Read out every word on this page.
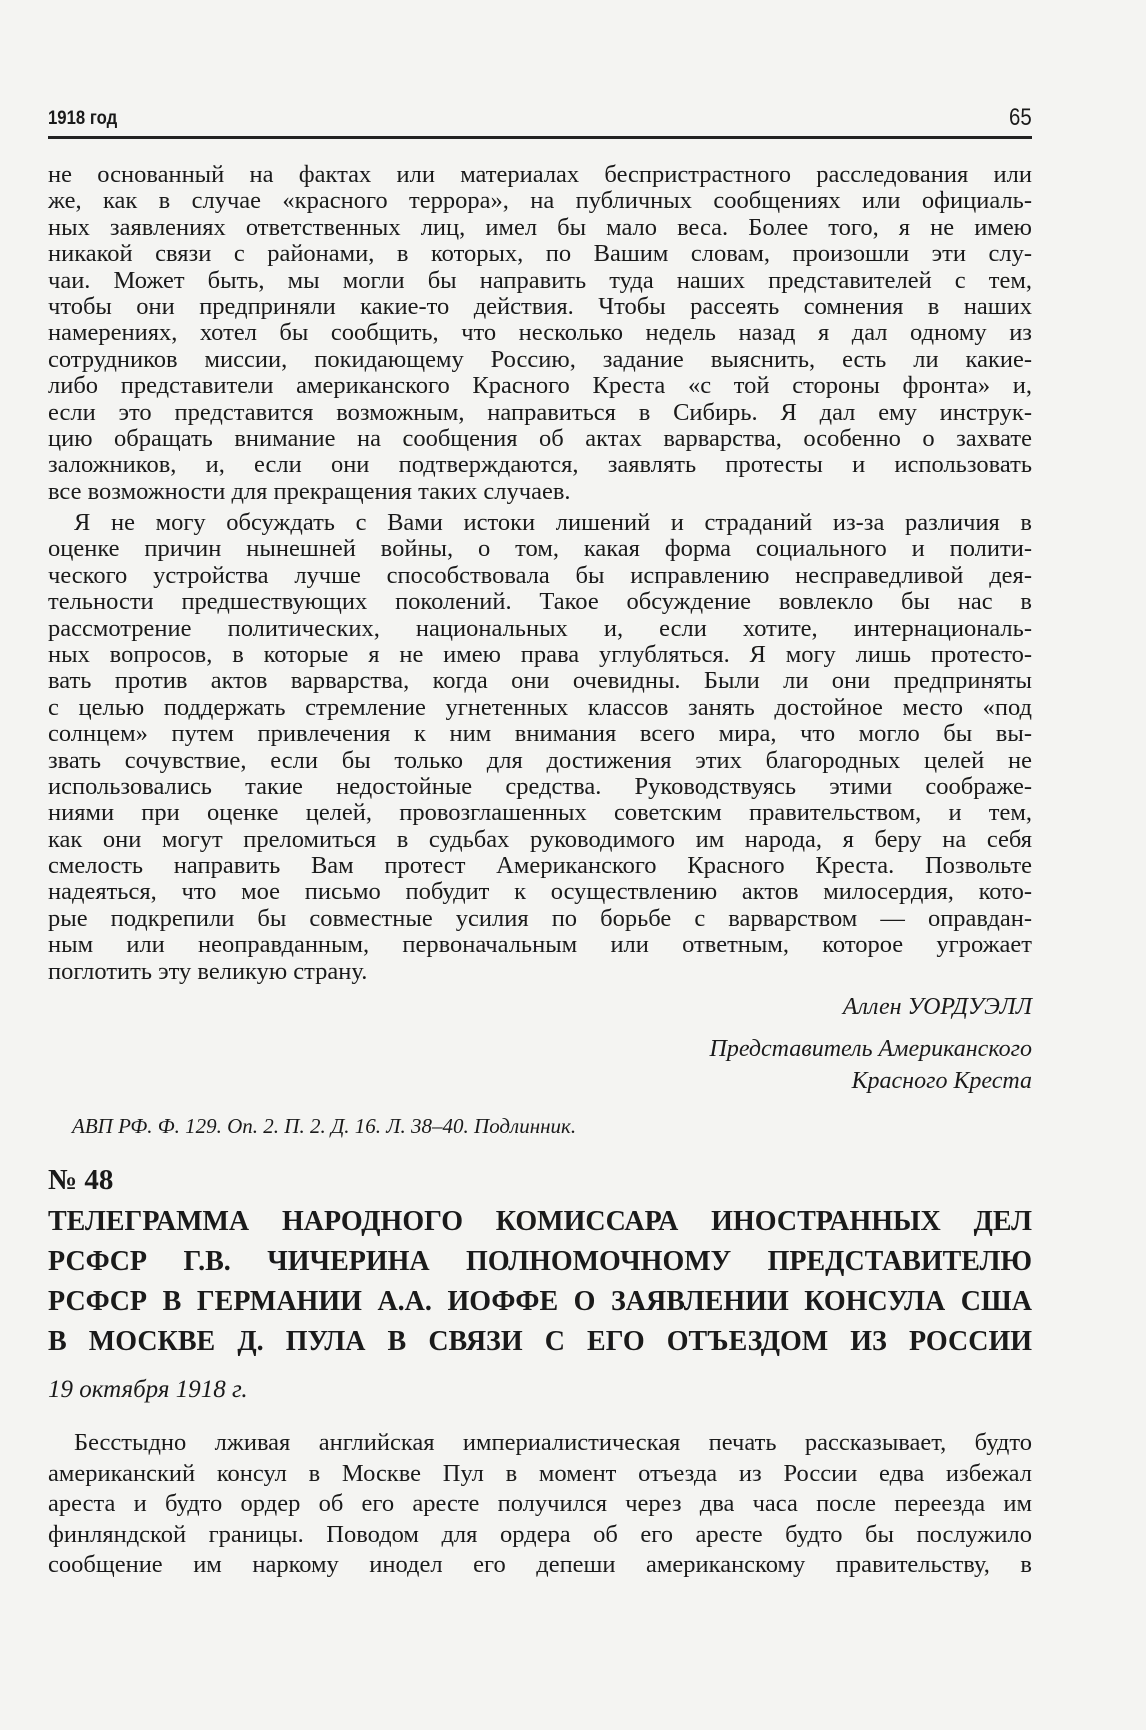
1918 год	65
не основанный на фактах или материалах беспристрастного расследования или
же, как в случае «красного террора», на публичных сообщениях или официаль-
ных заявлениях ответственных лиц, имел бы мало веса. Более того, я не имею
никакой связи с районами, в которых, по Вашим словам, произошли эти слу-
чаи. Может быть, мы могли бы направить туда наших представителей с тем,
чтобы они предприняли какие-то действия. Чтобы рассеять сомнения в наших
намерениях, хотел бы сообщить, что несколько недель назад я дал одному из
сотрудников миссии, покидающему Россию, задание выяснить, есть ли какие-
либо представители американского Красного Креста «с той стороны фронта» и,
если это представится возможным, направиться в Сибирь. Я дал ему инструк-
цию обращать внимание на сообщения об актах варварства, особенно о захвате
заложников, и, если они подтверждаются, заявлять протесты и использовать
все возможности для прекращения таких случаев.
Я не могу обсуждать с Вами истоки лишений и страданий из-за различия в
оценке причин нынешней войны, о том, какая форма социального и полити-
ческого устройства лучше способствовала бы исправлению несправедливой дея-
тельности предшествующих поколений. Такое обсуждение вовлекло бы нас в
рассмотрение политических, национальных и, если хотите, интернациональ-
ных вопросов, в которые я не имею права углубляться. Я могу лишь протесто-
вать против актов варварства, когда они очевидны. Были ли они предприняты
с целью поддержать стремление угнетенных классов занять достойное место «под
солнцем» путем привлечения к ним внимания всего мира, что могло бы вы-
звать сочувствие, если бы только для достижения этих благородных целей не
использовались такие недостойные средства. Руководствуясь этими соображе-
ниями при оценке целей, провозглашенных советским правительством, и тем,
как они могут преломиться в судьбах руководимого им народа, я беру на себя
смелость направить Вам протест Американского Красного Креста. Позвольте
надеяться, что мое письмо побудит к осуществлению актов милосердия, кото-
рые подкрепили бы совместные усилия по борьбе с варварством — оправдан-
ным или неоправданным, первоначальным или ответным, которое угрожает
поглотить эту великую страну.
Аллен УОРДУЭЛЛ
Представитель Американского
Красного Креста
АВП РФ. Ф. 129. Оп. 2. П. 2. Д. 16. Л. 38–40. Подлинник.
№ 48
ТЕЛЕГРАММА НАРОДНОГО КОМИССАРА ИНОСТРАННЫХ ДЕЛ
РСФСР Г.В. ЧИЧЕРИНА ПОЛНОМОЧНОМУ ПРЕДСТАВИТЕЛЮ
РСФСР В ГЕРМАНИИ А.А. ИОФФЕ О ЗАЯВЛЕНИИ КОНСУЛА США
В МОСКВЕ Д. ПУЛА В СВЯЗИ С ЕГО ОТЪЕЗДОМ ИЗ РОССИИ
19 октября 1918 г.
Бесстыдно лживая английская империалистическая печать рассказывает, будто
американский консул в Москве Пул в момент отъезда из России едва избежал
ареста и будто ордер об его аресте получился через два часа после переезда им
финляндской границы. Поводом для ордера об его аресте будто бы послужило
сообщение им наркому инодел его депеши американскому правительству, в
